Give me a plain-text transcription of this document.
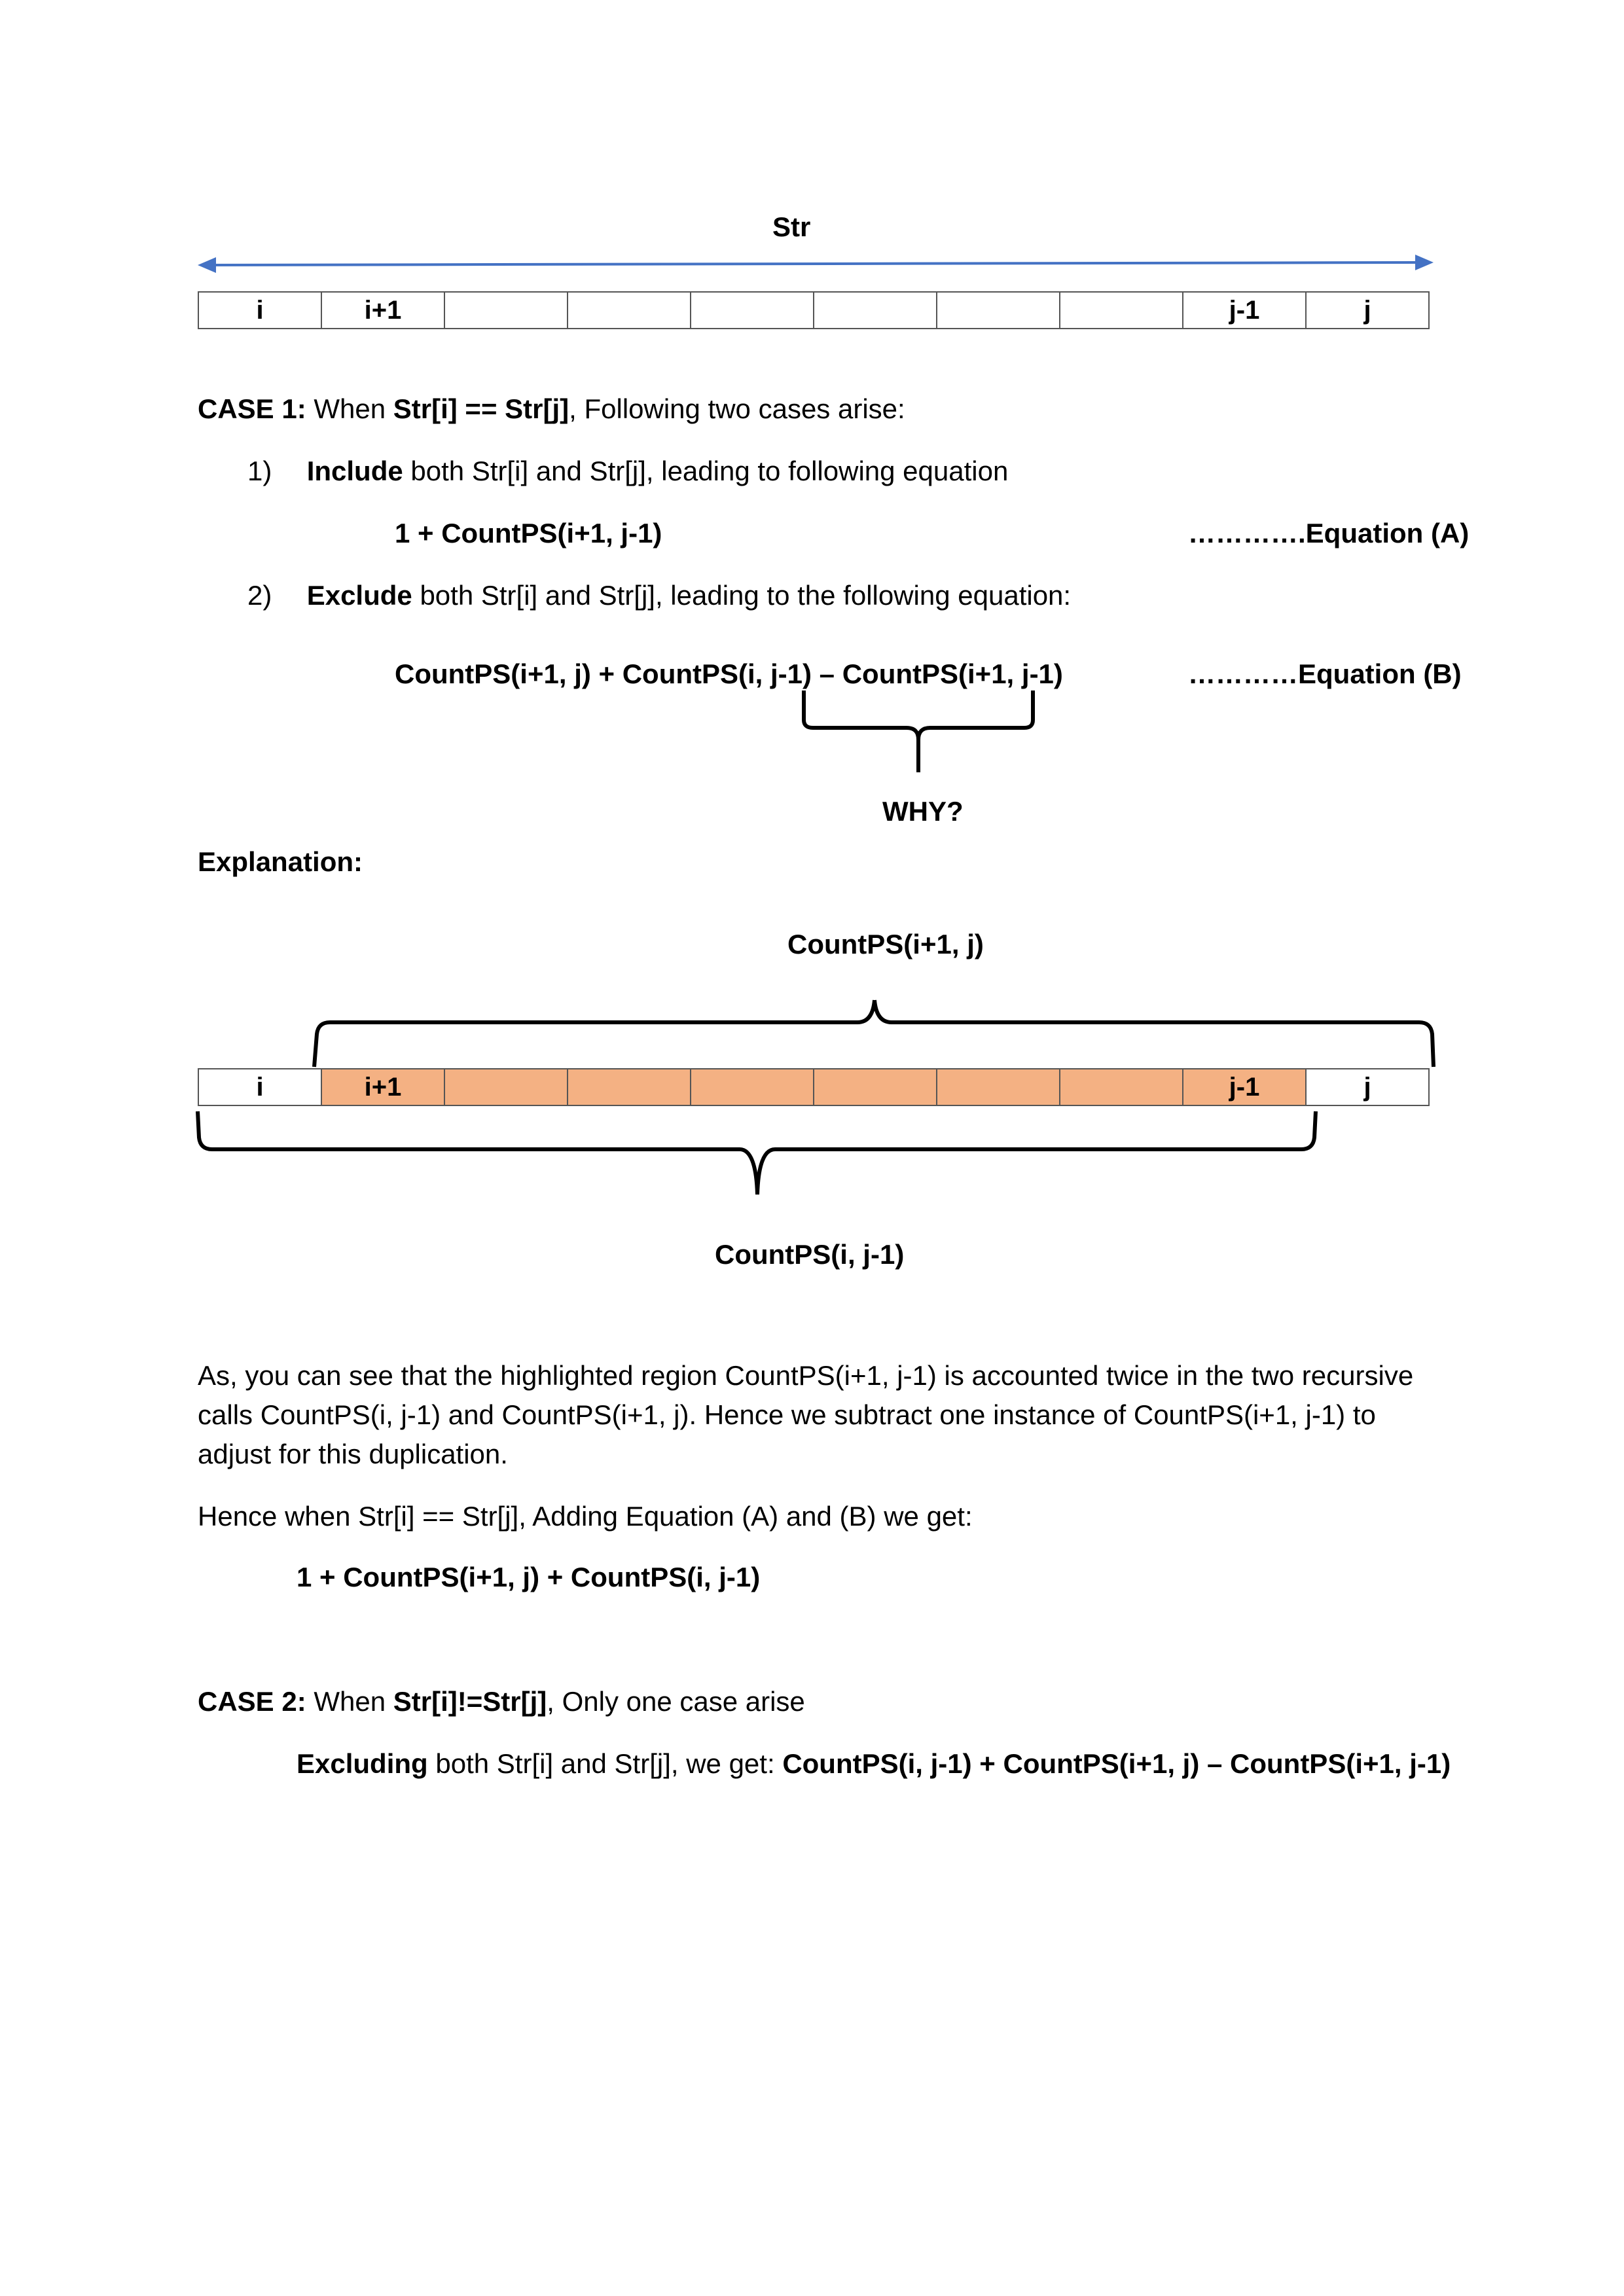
Str
i	i+1	j-1	j
CASE 1: When Str[i] == Str[j], Following two cases arise:
1) Include both Str[i] and Str[j], leading to following equation
1 + CountPS(i+1, j-1)	………….Equation (A)
2) Exclude both Str[i] and Str[j], leading to the following equation:
CountPS(i+1, j) + CountPS(i, j-1) – CountPS(i+1, j-1)	…………Equation (B)
WHY?
Explanation:
CountPS(i+1, j)
i	i+1	j-1	j
CountPS(i, j-1)
As, you can see that the highlighted region CountPS(i+1, j-1) is accounted twice in the two recursive calls CountPS(i, j-1) and CountPS(i+1, j). Hence we subtract one instance of CountPS(i+1, j-1) to adjust for this duplication.
Hence when Str[i] == Str[j], Adding Equation (A) and (B) we get:
1 + CountPS(i+1, j) + CountPS(i, j-1)
CASE 2: When Str[i]!=Str[j], Only one case arise
Excluding both Str[i] and Str[j], we get: CountPS(i, j-1) + CountPS(i+1, j) – CountPS(i+1, j-1)
